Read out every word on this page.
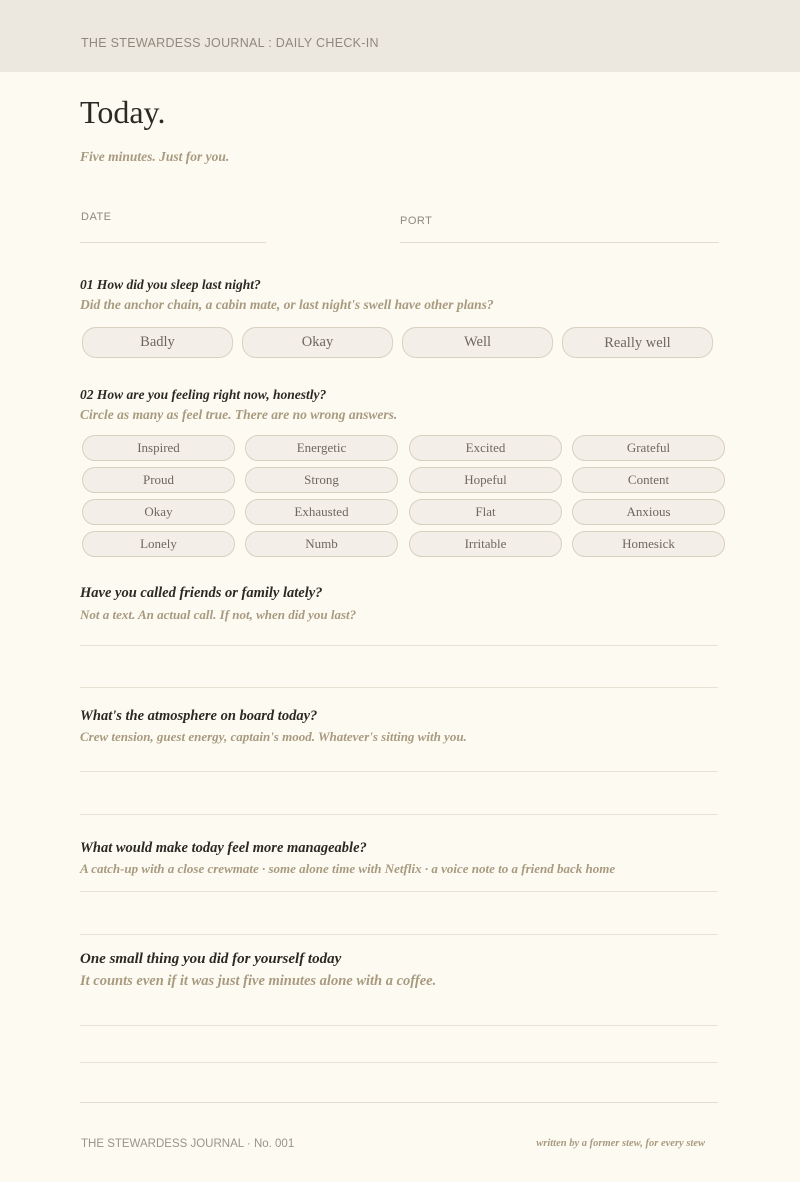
THE STEWARDESS JOURNAL : DAILY CHECK-IN
Today.
Five minutes. Just for you.
DATE	PORT
01 How did you sleep last night?
Did the anchor chain, a cabin mate, or last night's swell have other plans?
Badly	Okay	Well	Really well
02 How are you feeling right now, honestly?
Circle as many as feel true. There are no wrong answers.
Inspired	Energetic	Excited	Grateful
Proud	Strong	Hopeful	Content
Okay	Exhausted	Flat	Anxious
Lonely	Numb	Irritable	Homesick
Have you called friends or family lately?
Not a text. An actual call. If not, when did you last?
What's the atmosphere on board today?
Crew tension, guest energy, captain's mood. Whatever's sitting with you.
What would make today feel more manageable?
A catch-up with a close crewmate · some alone time with Netflix · a voice note to a friend back home
One small thing you did for yourself today
It counts even if it was just five minutes alone with a coffee.
THE STEWARDESS JOURNAL · No. 001	written by a former stew, for every stew
